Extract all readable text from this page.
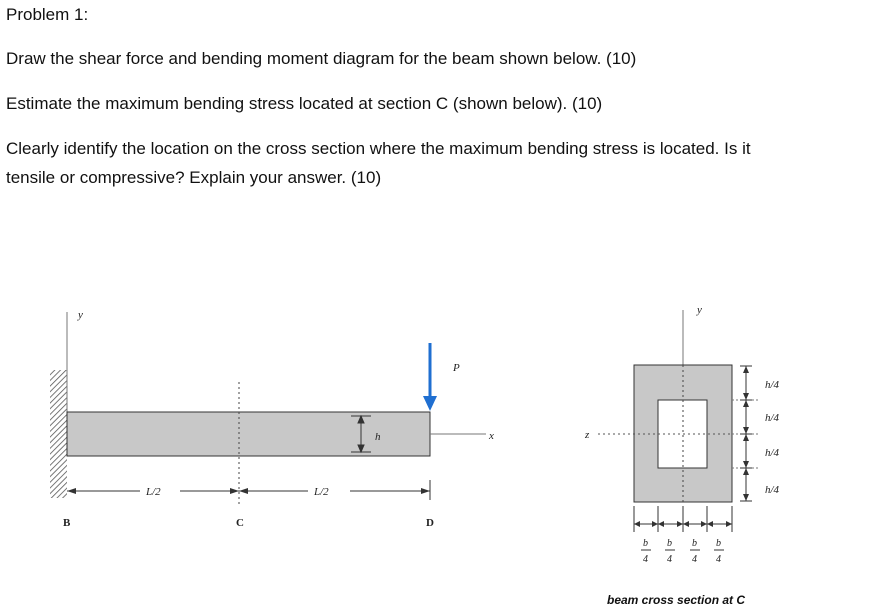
Problem 1:
Draw the shear force and bending moment diagram for the beam shown below. (10)
Estimate the maximum bending stress located at section C (shown below). (10)
Clearly identify the location on the cross section where the maximum bending stress is located. Is it
tensile or compressive? Explain your answer. (10)
y
h	x
P
L/2	L/2
B	C	D
y
z
h/4
h/4
h/4
h/4
b
4
b
4
b
4
b
4
beam cross section at C
